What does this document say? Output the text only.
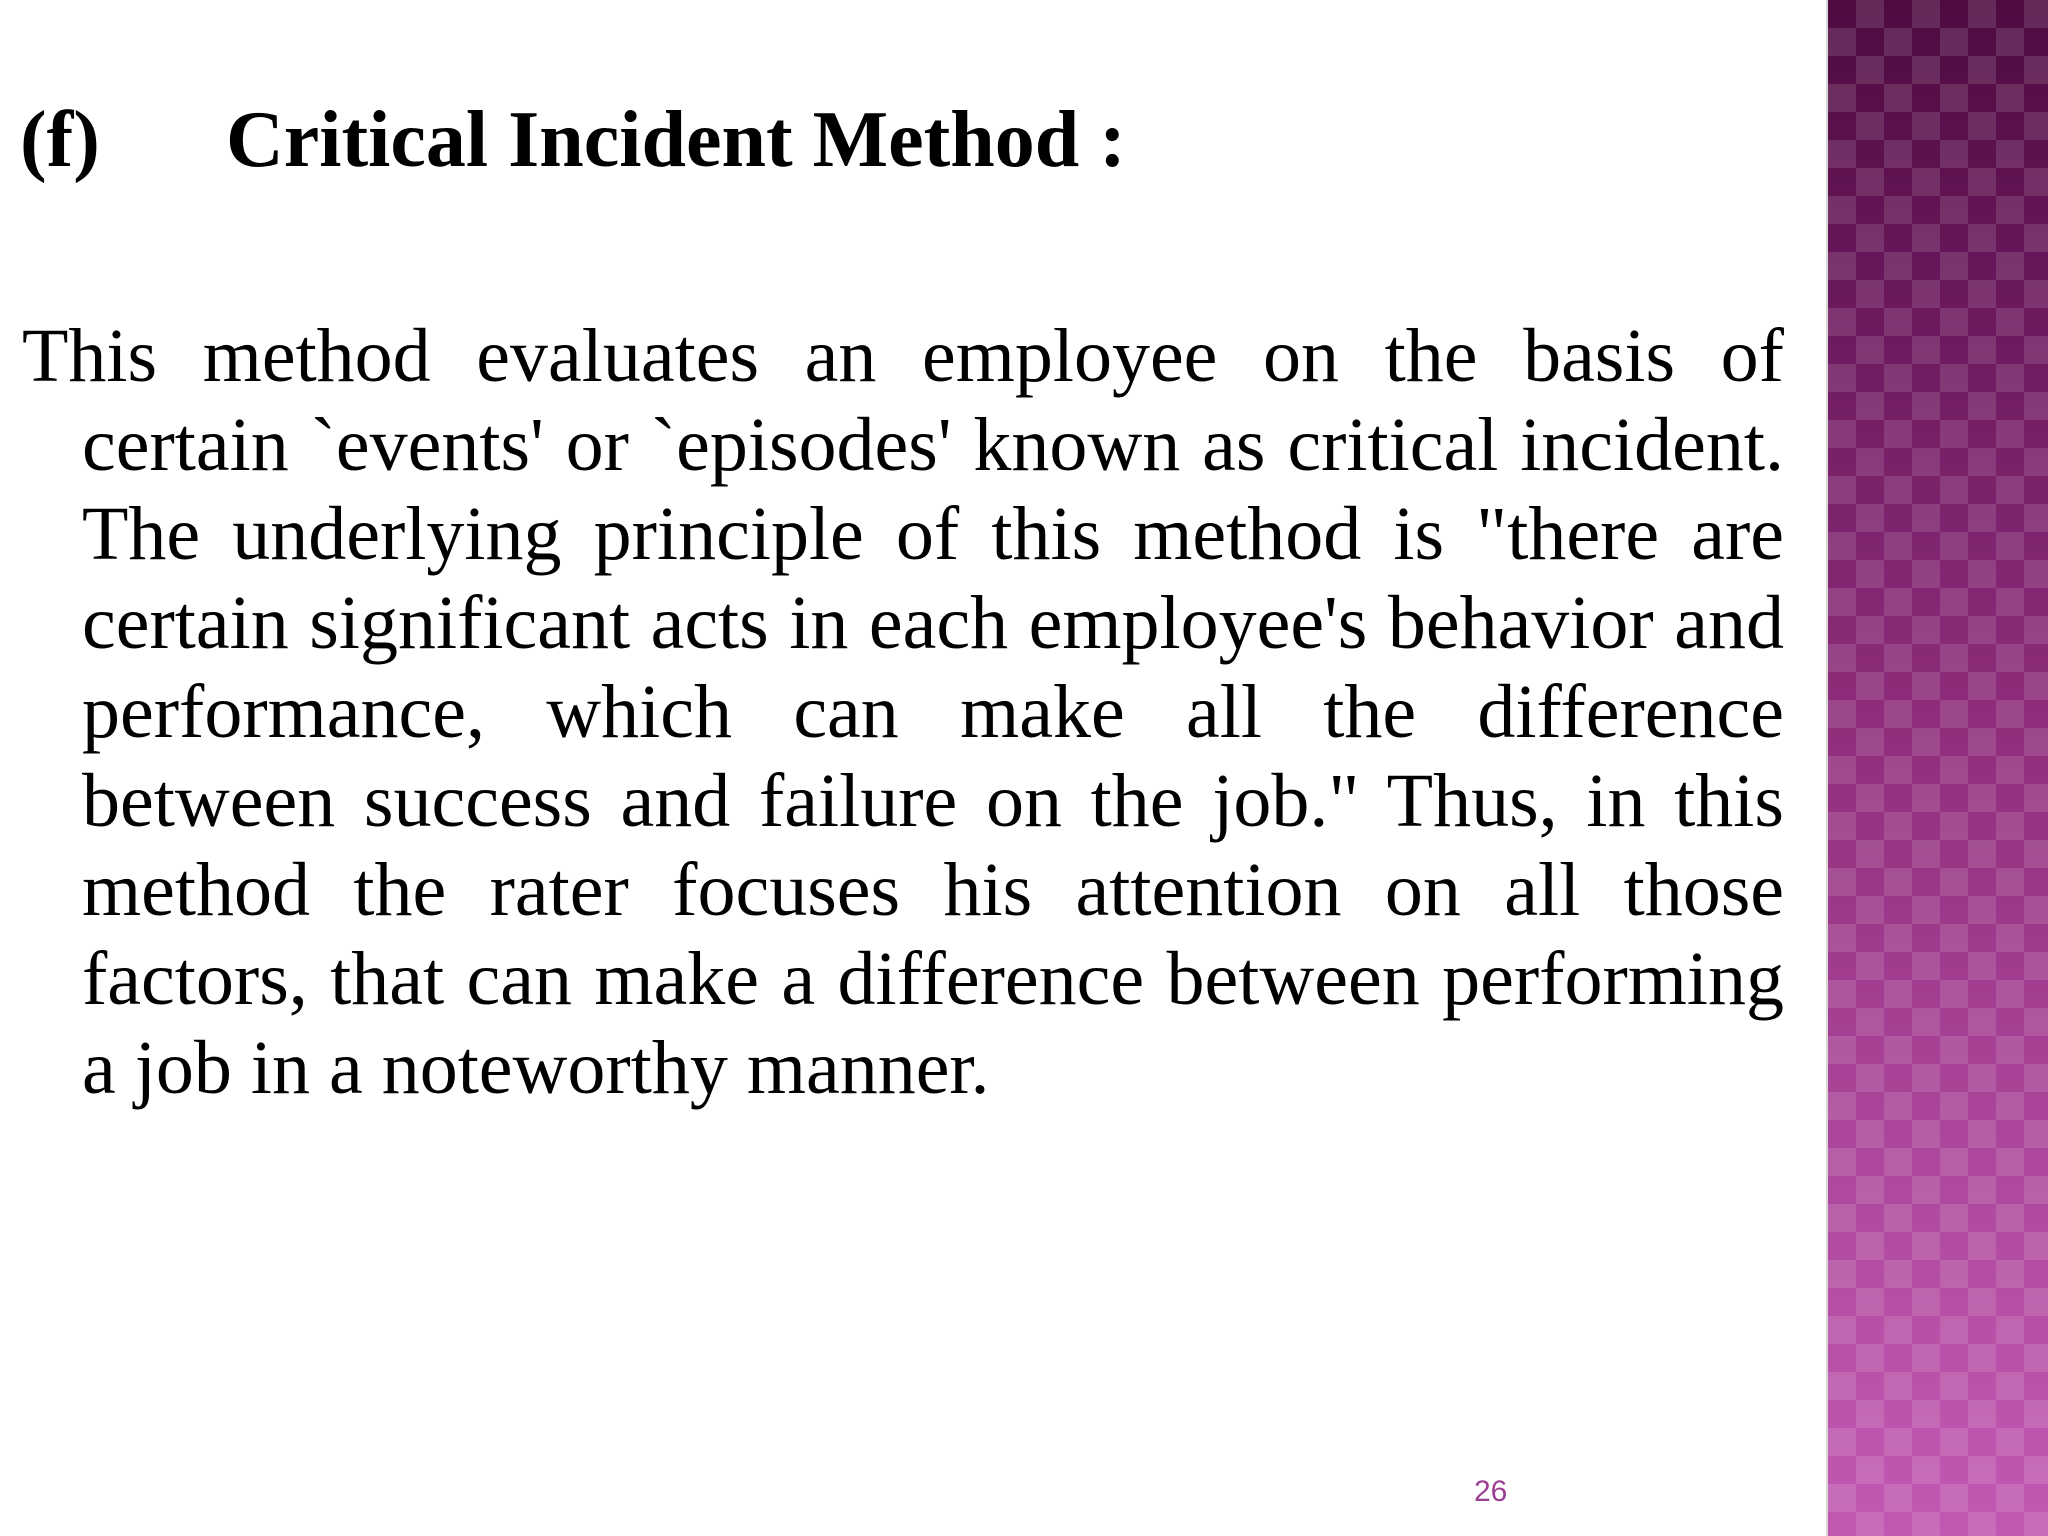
(f) Critical Incident Method :

This method evaluates an employee on the basis of certain `events' or `episodes' known as critical incident. The underlying principle of this method is "there are certain significant acts in each employee's behavior and performance, which can make all the difference between success and failure on the job." Thus, in this method the rater focuses his attention on all those factors, that can make a difference between performing a job in a noteworthy manner.

26
